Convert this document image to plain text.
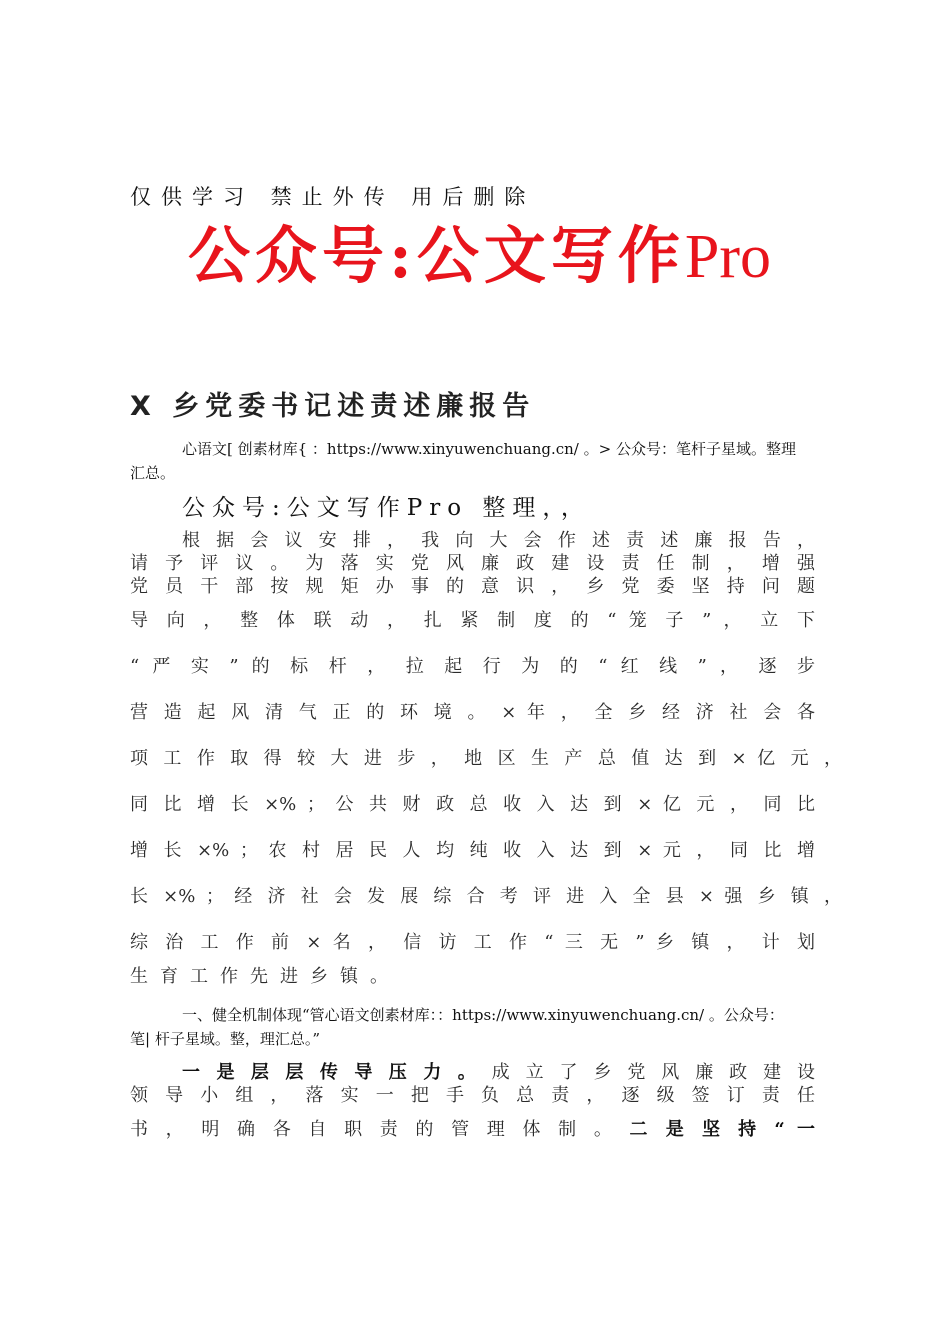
仅供学习 禁止外传 用后删除
公众号:公文写作Pro
X 乡党委书记述责述廉报告
心语文[ 创素材库{ ：https://www.xinyuwenchuang.cn/ 。> 公众号：笔杆子星域。整理
汇总。
公众号:公文写作Pro 整理，，
根 据 会 议 安 排 ， 我 向 大 会 作 述 责 述 廉 报 告 ，
请 予 评 议 。 为 落 实 党 风 廉 政 建 设 责 任 制 ， 增 强
党 员 干 部 按 规 矩 办 事 的 意 识 ， 乡 党 委 坚 持 问 题
导 向 ， 整 体 联 动 ， 扎 紧 制 度 的 “ 笼 子 ” ， 立 下
“ 严 实 ” 的 标 杆 ， 拉 起 行 为 的 “ 红 线 ” ， 逐 步
营 造 起 风 清 气 正 的 环 境 。 × 年 ， 全 乡 经 济 社 会 各
项 工 作 取 得 较 大 进 步 ， 地 区 生 产 总 值 达 到 × 亿 元 ，
同 比 增 长 ×% ； 公 共 财 政 总 收 入 达 到 × 亿 元 ， 同 比
增 长 ×% ； 农 村 居 民 人 均 纯 收 入 达 到 × 元 ， 同 比 增
长 ×% ； 经 济 社 会 发 展 综 合 考 评 进 入 全 县 × 强 乡 镇 ，
综 治 工 作 前 × 名 ， 信 访 工 作 “ 三 无 ” 乡 镇 ， 计 划
生育工作先进乡镇。
一、健全机制体现“管心语文创素材库：：https://www.xinyuwenchuang.cn/ 。公众号：
笔| 杆子星域。整，理汇总。”
一 是 层 层 传 导 压 力 。 成 立 了 乡 党 风 廉 政 建 设
领 导 小 组 ， 落 实 一 把 手 负 总 责 ， 逐 级 签 订 责 任
书 ， 明 确 各 自 职 责 的 管 理 体 制 。 二 是 坚 持 “ 一
